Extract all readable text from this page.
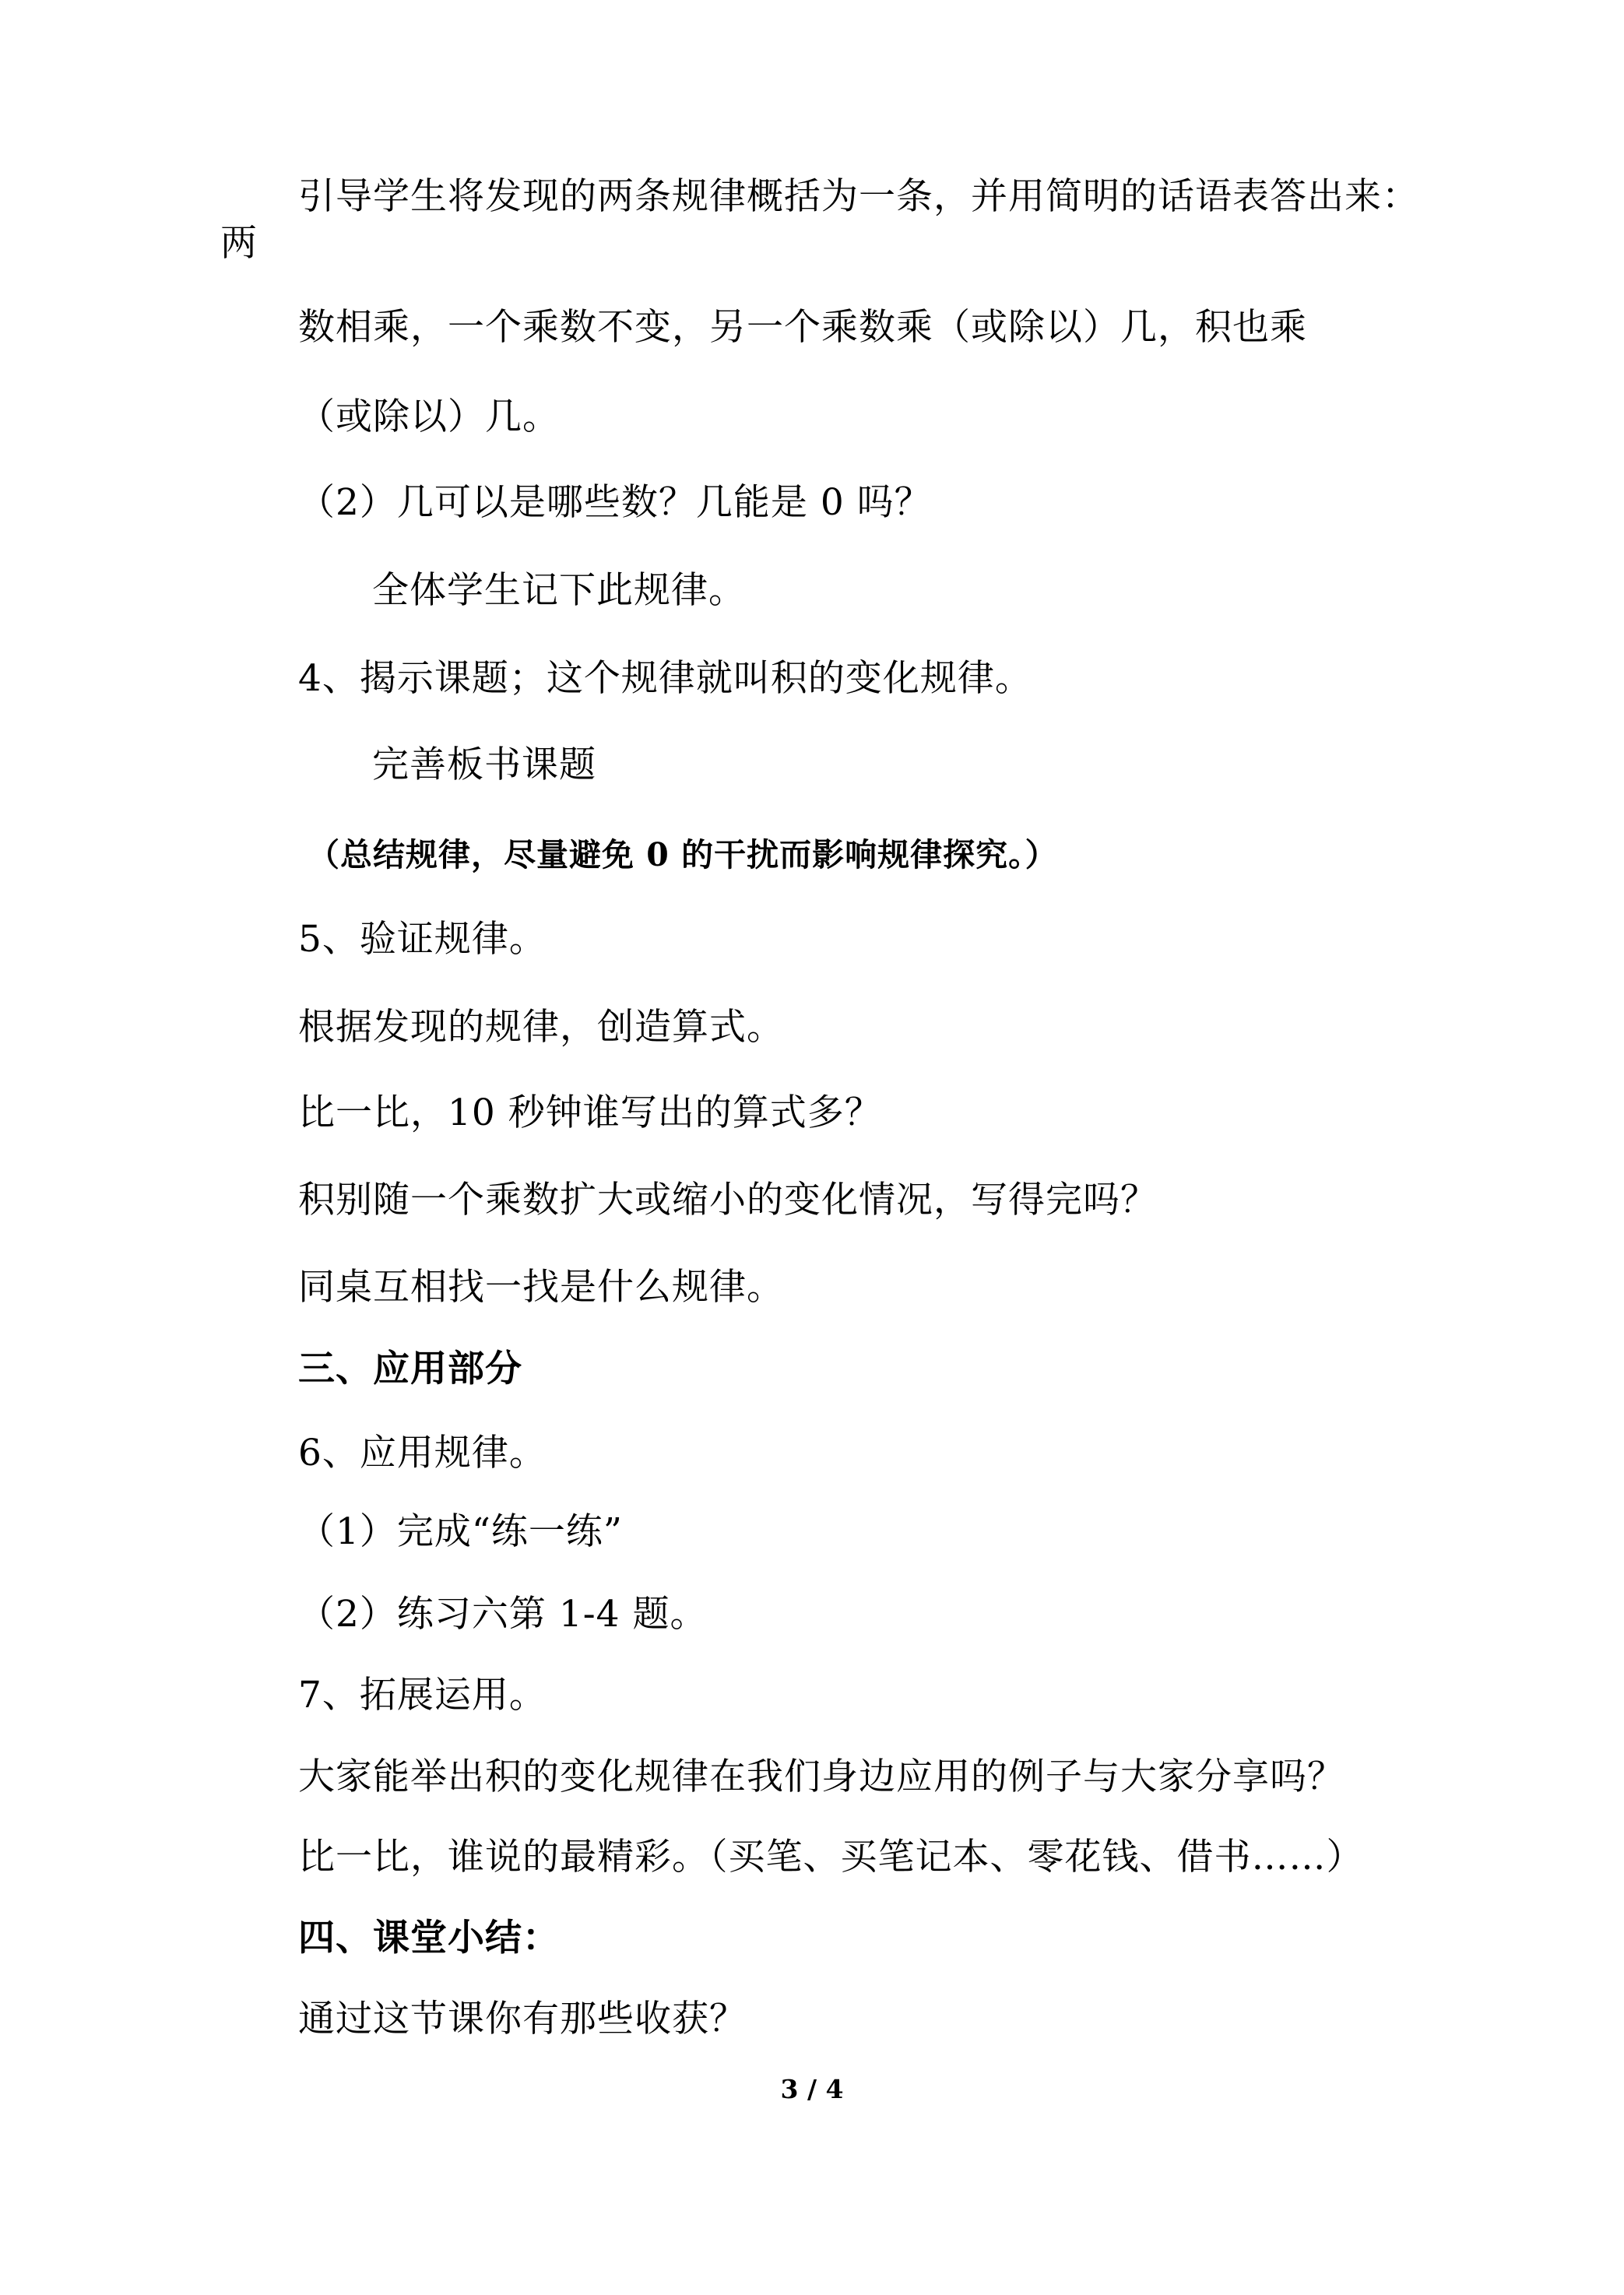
引导学生将发现的两条规律概括为一条，并用简明的话语表答出来：
两
数相乘，一个乘数不变，另一个乘数乘（或除以）几，积也乘
（或除以）几。
（2）几可以是哪些数？几能是 0 吗？
全体学生记下此规律。
4、揭示课题；这个规律就叫积的变化规律。
完善板书课题
（总结规律，尽量避免 0 的干扰而影响规律探究。）
5、验证规律。
根据发现的规律，创造算式。
比一比，10 秒钟谁写出的算式多？
积别随一个乘数扩大或缩小的变化情况，写得完吗？
同桌互相找一找是什么规律。
三、应用部分
6、应用规律。
（1）完成“练一练”
（2）练习六第 1-4 题。
7、拓展运用。
大家能举出积的变化规律在我们身边应用的例子与大家分享吗？
比一比，谁说的最精彩。（买笔、买笔记本、零花钱、借书……）
四、课堂小结：
通过这节课你有那些收获？
3 / 4
